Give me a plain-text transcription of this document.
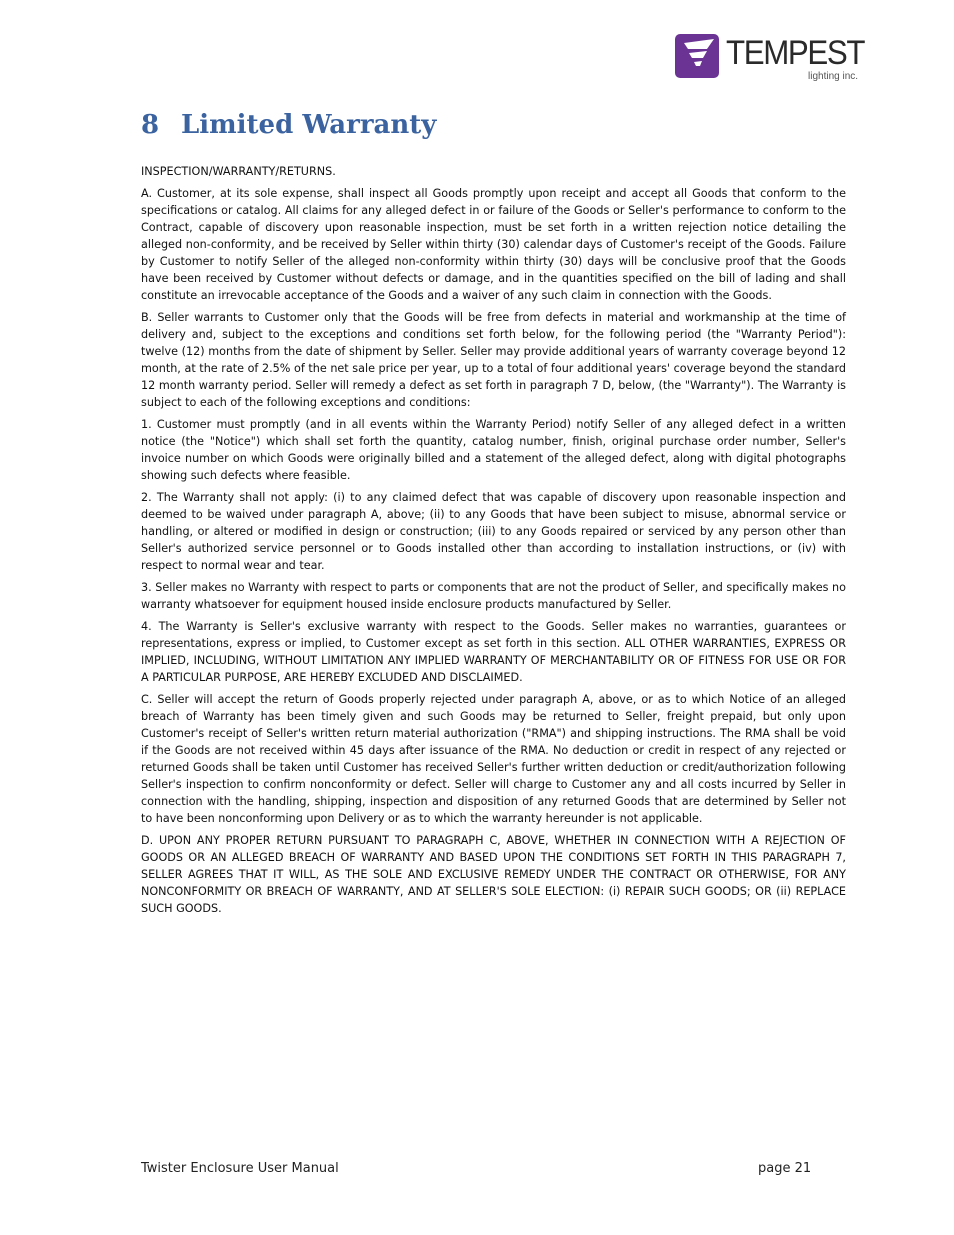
TEMPEST
lighting inc.
8 Limited Warranty

INSPECTION/WARRANTY/RETURNS.

A. Customer, at its sole expense, shall inspect all Goods promptly upon receipt and accept all Goods that conform to the specifications or catalog. All claims for any alleged defect in or failure of the Goods or Seller's performance to conform to the Contract, capable of discovery upon reasonable inspection, must be set forth in a written rejection notice detailing the alleged non-conformity, and be received by Seller within thirty (30) calendar days of Customer's receipt of the Goods. Failure by Customer to notify Seller of the alleged non-conformity within thirty (30) days will be conclusive proof that the Goods have been received by Customer without defects or damage, and in the quantities specified on the bill of lading and shall constitute an irrevocable acceptance of the Goods and a waiver of any such claim in connection with the Goods.

B. Seller warrants to Customer only that the Goods will be free from defects in material and workmanship at the time of delivery and, subject to the exceptions and conditions set forth below, for the following period (the "Warranty Period"): twelve (12) months from the date of shipment by Seller. Seller may provide additional years of warranty coverage beyond 12 month, at the rate of 2.5% of the net sale price per year, up to a total of four additional years' coverage beyond the standard 12 month warranty period. Seller will remedy a defect as set forth in paragraph 7 D, below, (the "Warranty"). The Warranty is subject to each of the following exceptions and conditions:

1. Customer must promptly (and in all events within the Warranty Period) notify Seller of any alleged defect in a written notice (the "Notice") which shall set forth the quantity, catalog number, finish, original purchase order number, Seller's invoice number on which Goods were originally billed and a statement of the alleged defect, along with digital photographs showing such defects where feasible.

2. The Warranty shall not apply: (i) to any claimed defect that was capable of discovery upon reasonable inspection and deemed to be waived under paragraph A, above; (ii) to any Goods that have been subject to misuse, abnormal service or handling, or altered or modified in design or construction; (iii) to any Goods repaired or serviced by any person other than Seller's authorized service personnel or to Goods installed other than according to installation instructions, or (iv) with respect to normal wear and tear.

3. Seller makes no Warranty with respect to parts or components that are not the product of Seller, and specifically makes no warranty whatsoever for equipment housed inside enclosure products manufactured by Seller.

4. The Warranty is Seller's exclusive warranty with respect to the Goods. Seller makes no warranties, guarantees or representations, express or implied, to Customer except as set forth in this section. ALL OTHER WARRANTIES, EXPRESS OR IMPLIED, INCLUDING, WITHOUT LIMITATION ANY IMPLIED WARRANTY OF MERCHANTABILITY OR OF FITNESS FOR USE OR FOR A PARTICULAR PURPOSE, ARE HEREBY EXCLUDED AND DISCLAIMED.

C. Seller will accept the return of Goods properly rejected under paragraph A, above, or as to which Notice of an alleged breach of Warranty has been timely given and such Goods may be returned to Seller, freight prepaid, but only upon Customer's receipt of Seller's written return material authorization ("RMA") and shipping instructions. The RMA shall be void if the Goods are not received within 45 days after issuance of the RMA. No deduction or credit in respect of any rejected or returned Goods shall be taken until Customer has received Seller's further written deduction or credit/authorization following Seller's inspection to confirm nonconformity or defect. Seller will charge to Customer any and all costs incurred by Seller in connection with the handling, shipping, inspection and disposition of any returned Goods that are determined by Seller not to have been nonconforming upon Delivery or as to which the warranty hereunder is not applicable.

D. UPON ANY PROPER RETURN PURSUANT TO PARAGRAPH C, ABOVE, WHETHER IN CONNECTION WITH A REJECTION OF GOODS OR AN ALLEGED BREACH OF WARRANTY AND BASED UPON THE CONDITIONS SET FORTH IN THIS PARAGRAPH 7, SELLER AGREES THAT IT WILL, AS THE SOLE AND EXCLUSIVE REMEDY UNDER THE CONTRACT OR OTHERWISE, FOR ANY NONCONFORMITY OR BREACH OF WARRANTY, AND AT SELLER'S SOLE ELECTION: (i) REPAIR SUCH GOODS; OR (ii) REPLACE SUCH GOODS.

Twister Enclosure User Manual	page 21
